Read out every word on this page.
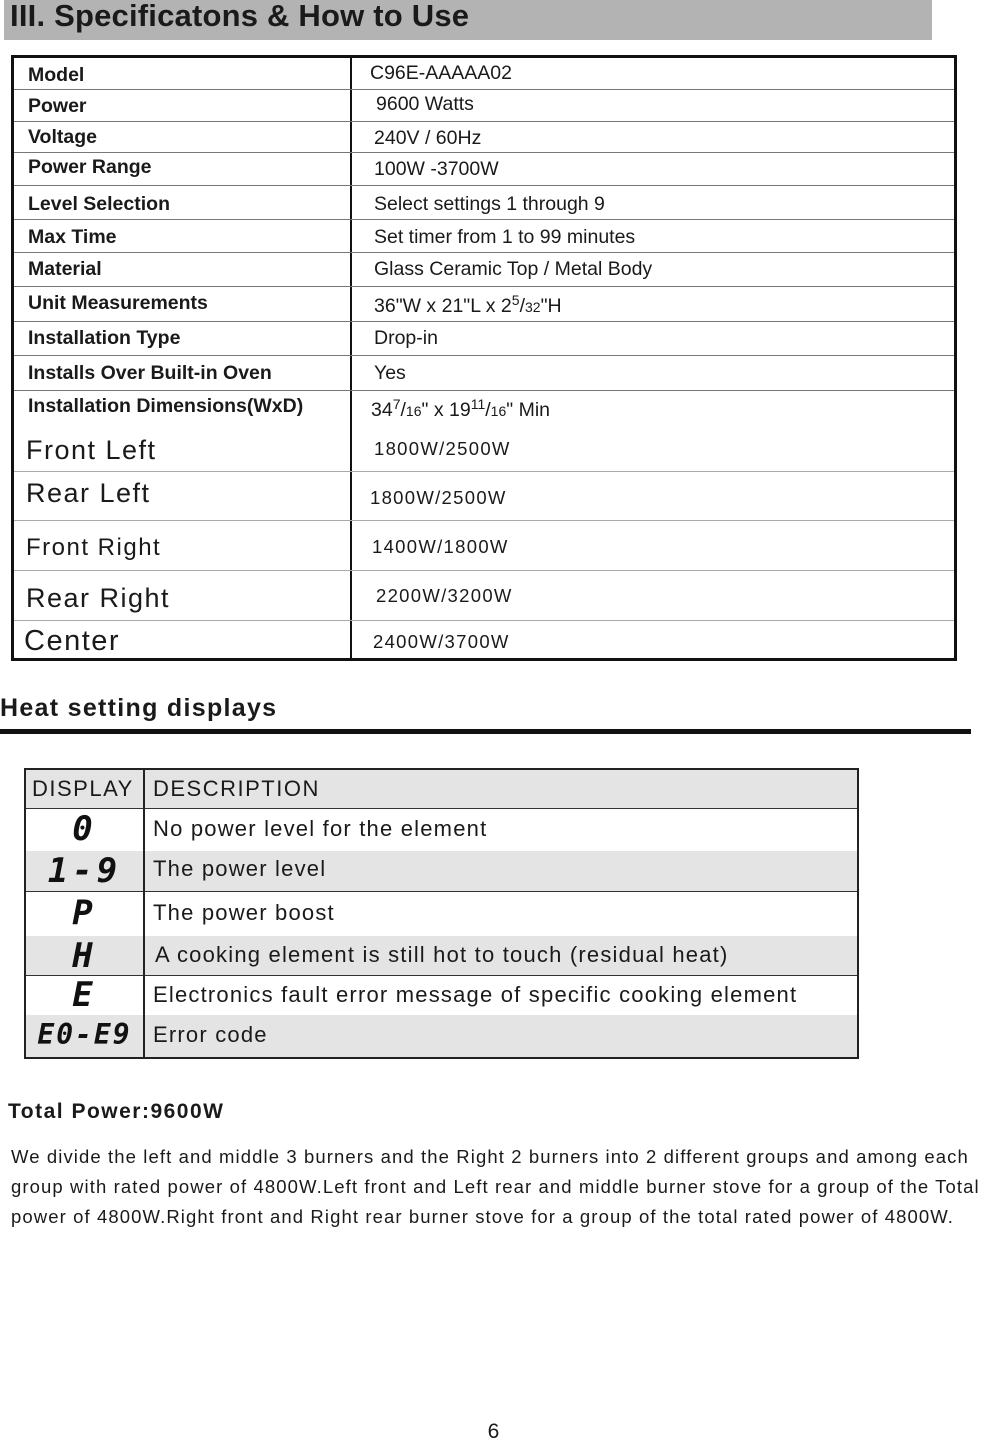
III. Specificatons & How to Use
Model	C96E-AAAAA02
Power	9600 Watts
Voltage	240V / 60Hz
Power Range	100W -3700W
Level Selection	Select settings 1 through 9
Max Time	Set timer from 1 to 99 minutes
Material	Glass Ceramic Top / Metal Body
Unit Measurements	36"W x 21"L x $2^5/32"H$
Installation Type	Drop-in
Installs Over Built-in Oven	Yes
Installation Dimensions(WxD)	$34^7/16$" x $19^{11}/16$" Min
Front Left	1800W/2500W
Rear Left	1800W/2500W
Front Right	1400W/1800W
Rear Right	2200W/3200W
Center	2400W/3700W
Heat setting displays
DISPLAY DESCRIPTION
0	No power level for the element
1-9	The power level
P	The power boost
H	A cooking element is still hot to touch (residual heat)
E	Electronics fault error message of specific cooking element
E0-E9 Error code
Total Power:9600W
We divide the left and middle 3 burners and the Right 2 burners into 2 different groups and among each group with rated power of 4800W.Left front and Left rear and middle burner stove for a group of the Total power of 4800W.Right front and Right rear burner stove for a group of the total rated power of 4800W.
6
